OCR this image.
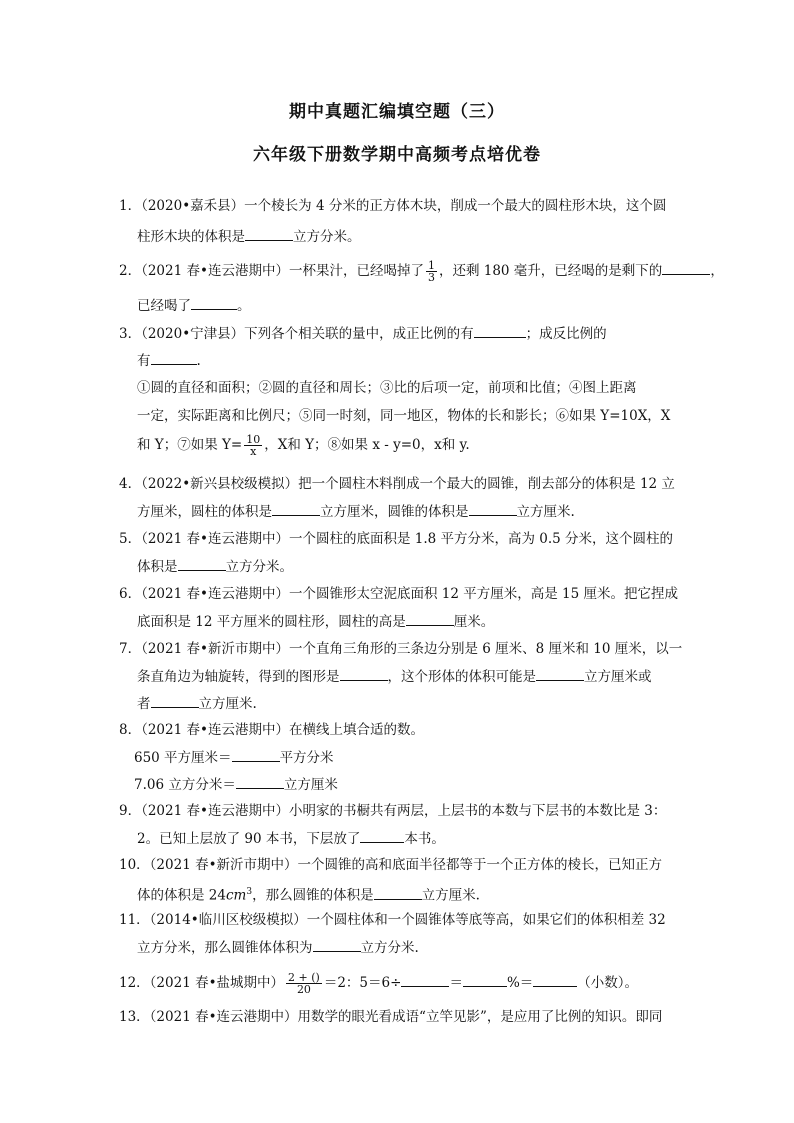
期中真题汇编填空题（三）
六年级下册数学期中高频考点培优卷
1．（2020•嘉禾县）一个棱长为 4 分米的正方体木块，削成一个最大的圆柱形木块，这个圆
柱形木块的体积是	立方分米。
2．（2021 春•连云港期中）一杯果汁，已经喝掉了 $\frac{1}{3}$ ，还剩 180 毫升，已经喝的是剩下的	，
已经喝了	。
3．（2020•宁津县）下列各个相关联的量中，成正比例的有	；成反比例的
有	.
①圆的直径和面积；②圆的直径和周长；③比的后项一定，前项和比值；④图上距离
一定，实际距离和比例尺；⑤同一时刻，同一地区，物体的长和影长；⑥如果 Y=10X，X
和 Y；⑦如果 $Y= \frac{10}{x}$ ，X和 Y；⑧如果 x - y=0，x和 y.
4．（2022•新兴县校级模拟）把一个圆柱木料削成一个最大的圆锥，削去部分的体积是 12 立
方厘米，圆柱的体积是	立方厘米，圆锥的体积是	立方厘米.
5．（2021 春•连云港期中）一个圆柱的底面积是 1.8 平方分米，高为 0.5 分米，这个圆柱的
体积是	立方分米。
6．（2021 春•连云港期中）一个圆锥形太空泥底面积 12 平方厘米，高是 15 厘米。把它捏成
底面积是 12 平方厘米的圆柱形，圆柱的高是	厘米。
7．（2021 春•新沂市期中）一个直角三角形的三条边分别是 6 厘米、8 厘米和 10 厘米，以一
条直角边为轴旋转，得到的图形是	，这个形体的体积可能是	立方厘米或
者	立方厘米.
8．（2021 春•连云港期中）在横线上填合适的数。
650 平方厘米＝	平方分米
7.06 立方分米＝	立方厘米
9．（2021 春•连云港期中）小明家的书橱共有两层，上层书的本数与下层书的本数比是 3：
2。已知上层放了 90 本书，下层放了	本书。
10．（2021 春•新沂市期中）一个圆锥的高和底面半径都等于一个正方体的棱长，已知正方
体的体积是 $24cm^3$，那么圆锥的体积是	立方厘米.
11．（2014•临川区校级模拟）一个圆柱体和一个圆锥体等底等高，如果它们的体积相差 32
立方分米，那么圆锥体体积为	立方分米.
12．（2021 春•盐城期中） $\frac{2 + ()}{20} =2$：5＝6÷	＝	%＝	（小数）。
13．（2021 春•连云港期中）用数学的眼光看成语“立竿见影”，是应用了比例的知识。即同
